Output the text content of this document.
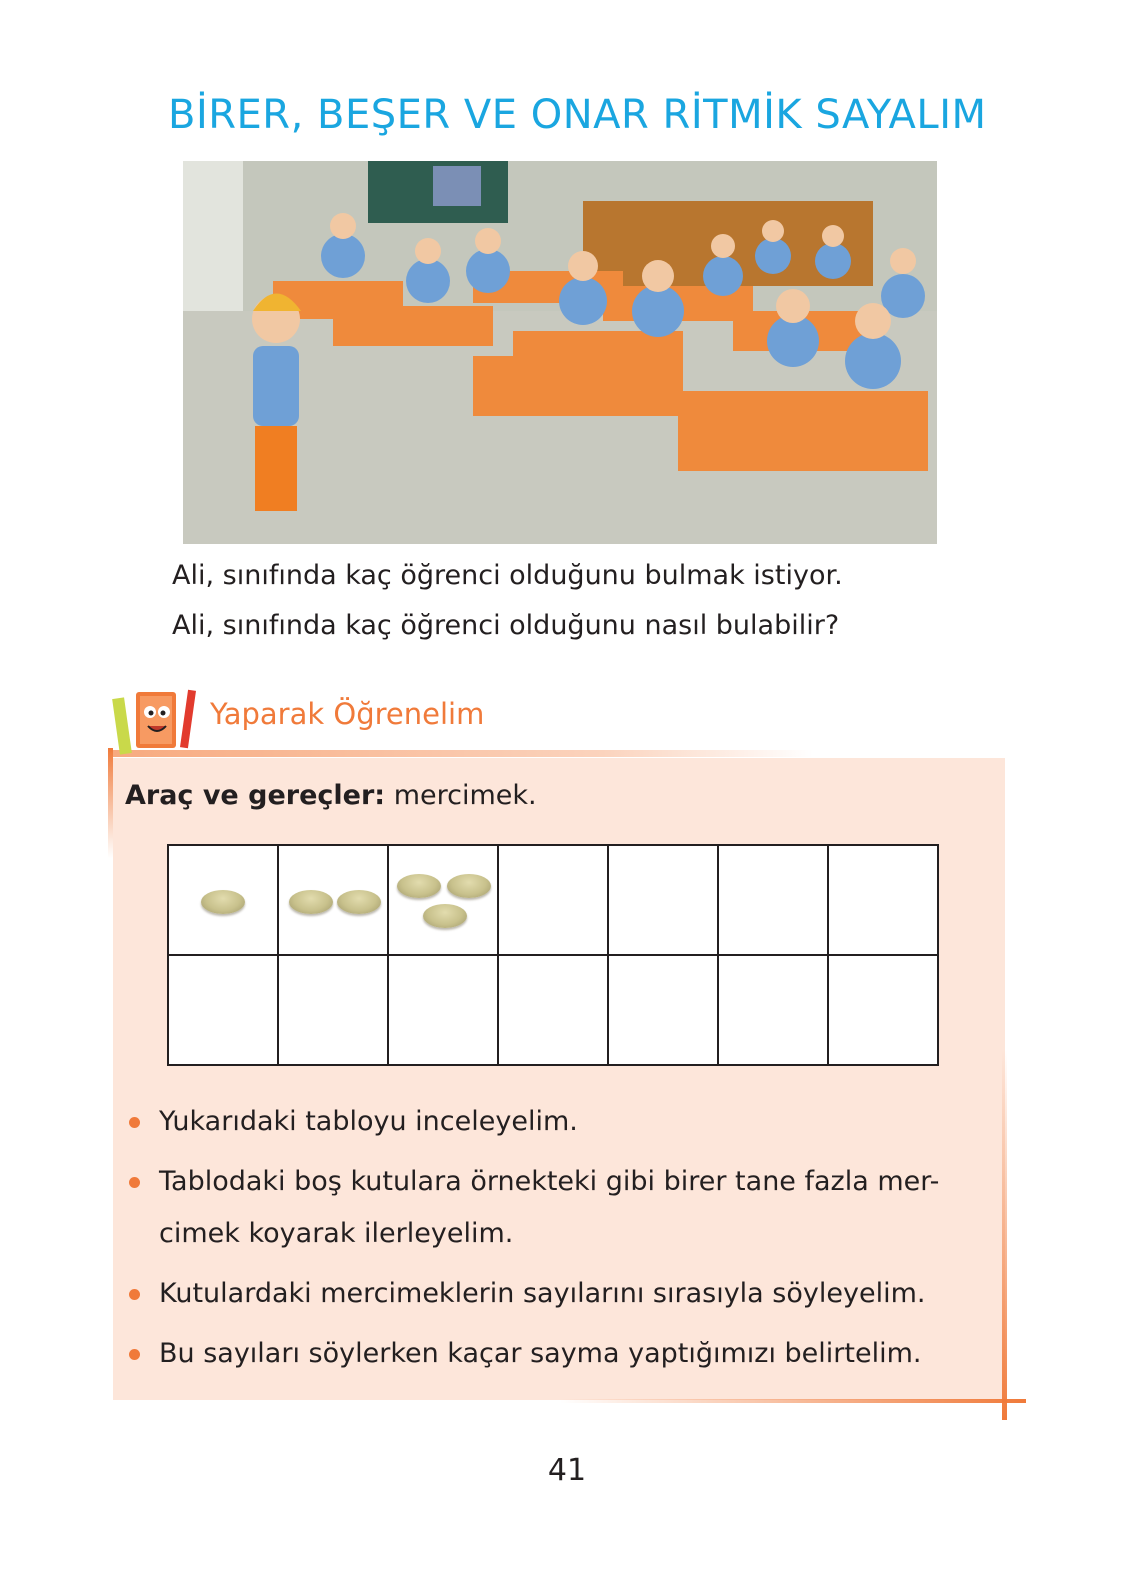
BİRER, BEŞER VE ONAR RİTMİK SAYALIM
Ali, sınıfında kaç öğrenci olduğunu bulmak istiyor.
Ali, sınıfında kaç öğrenci olduğunu nasıl bulabilir?
Yaparak Öğrenelim
Araç ve gereçler: mercimek.

Yukarıdaki tabloyu inceleyelim.
Tablodaki boş kutulara örnekteki gibi birer tane fazla mer-
cimek koyarak ilerleyelim.
Kutulardaki mercimeklerin sayılarını sırasıyla söyleyelim.
Bu sayıları söylerken kaçar sayma yaptığımızı belirtelim.
41
